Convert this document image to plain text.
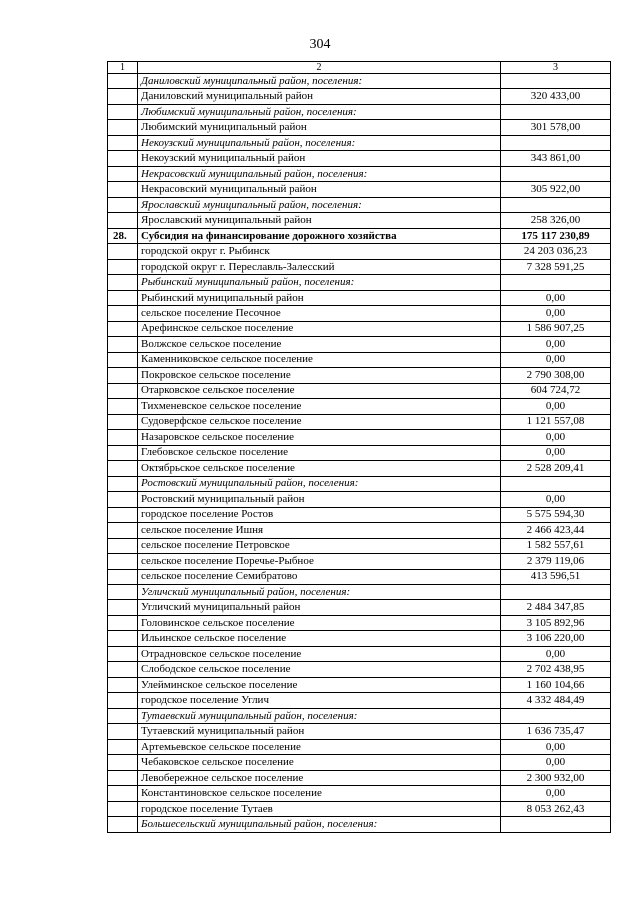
304
1	2	3
	Даниловский муниципальный район, поселения:	
	Даниловский муниципальный район	320 433,00
	Любимский муниципальный район, поселения:	
	Любимский муниципальный район	301 578,00
	Некоузский муниципальный район, поселения:	
	Некоузский муниципальный район	343 861,00
	Некрасовский муниципальный район, поселения:	
	Некрасовский муниципальный район	305 922,00
	Ярославский муниципальный район, поселения:	
	Ярославский муниципальный район	258 326,00
28.	Субсидия на финансирование дорожного хозяйства	175 117 230,89
	городской округ г. Рыбинск	24 203 036,23
	городской округ г. Переславль-Залесский	7 328 591,25
	Рыбинский муниципальный район, поселения:	
	Рыбинский муниципальный район	0,00
	сельское поселение Песочное	0,00
	Арефинское сельское поселение	1 586 907,25
	Волжское сельское поселение	0,00
	Каменниковское сельское поселение	0,00
	Покровское сельское поселение	2 790 308,00
	Отарковское сельское поселение	604 724,72
	Тихменевское сельское поселение	0,00
	Судоверфское сельское поселение	1 121 557,08
	Назаровское сельское поселение	0,00
	Глебовское сельское поселение	0,00
	Октябрьское сельское поселение	2 528 209,41
	Ростовский муниципальный район, поселения:	
	Ростовский муниципальный район	0,00
	городское поселение Ростов	5 575 594,30
	сельское поселение Ишня	2 466 423,44
	сельское поселение Петровское	1 582 557,61
	сельское поселение Поречье-Рыбное	2 379 119,06
	сельское поселение Семибратово	413 596,51
	Угличский муниципальный район, поселения:	
	Угличский муниципальный район	2 484 347,85
	Головинское сельское поселение	3 105 892,96
	Ильинское сельское поселение	3 106 220,00
	Отрадновское сельское поселение	0,00
	Слободское сельское поселение	2 702 438,95
	Улейминское сельское поселение	1 160 104,66
	городское поселение Углич	4 332 484,49
	Тутаевский муниципальный район, поселения:	
	Тутаевский муниципальный район	1 636 735,47
	Артемьевское сельское поселение	0,00
	Чебаковское сельское поселение	0,00
	Левобережное сельское поселение	2 300 932,00
	Константиновское сельское поселение	0,00
	городское поселение Тутаев	8 053 262,43
	Большесельский муниципальный район, поселения:	
